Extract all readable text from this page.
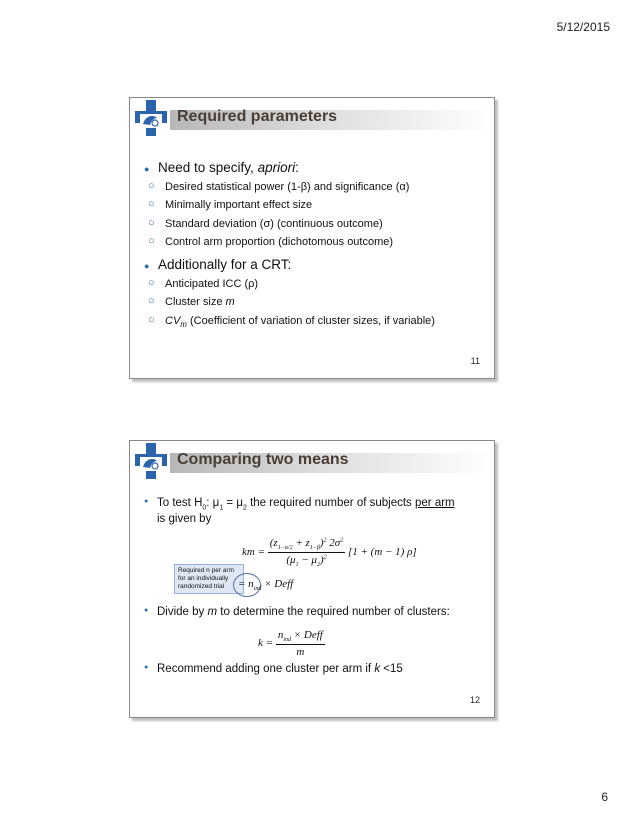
5/12/2015
Required parameters
● Need to specify, apriori:
○ Desired statistical power (1-β) and significance (α)
○ Minimally important effect size
○ Standard deviation (σ) (continuous outcome)
○ Control arm proportion (dichotomous outcome)
● Additionally for a CRT:
○ Anticipated ICC (ρ)
○ Cluster size m
○ $CV_m$ (Coefficient of variation of cluster sizes, if variable)
11
Comparing two means
● To test $H_0$: $\mu_1 = \mu_2$ the required number of subjects per arm
is given by
km = $\frac{(z_{1-\alpha/2} + z_{1-\beta})^2 2\sigma^2}{(\mu_1 - \mu_2)^2} [1 + (m - 1)$ ρ]
Required n per arm for an individually randomized trial	= $n_{ind}$ × Deff
● Divide by m to determine the required number of clusters:
$k = \frac{n_{ind} \times Deff}{m}$
● Recommend adding one cluster per arm if k <15
12
6
